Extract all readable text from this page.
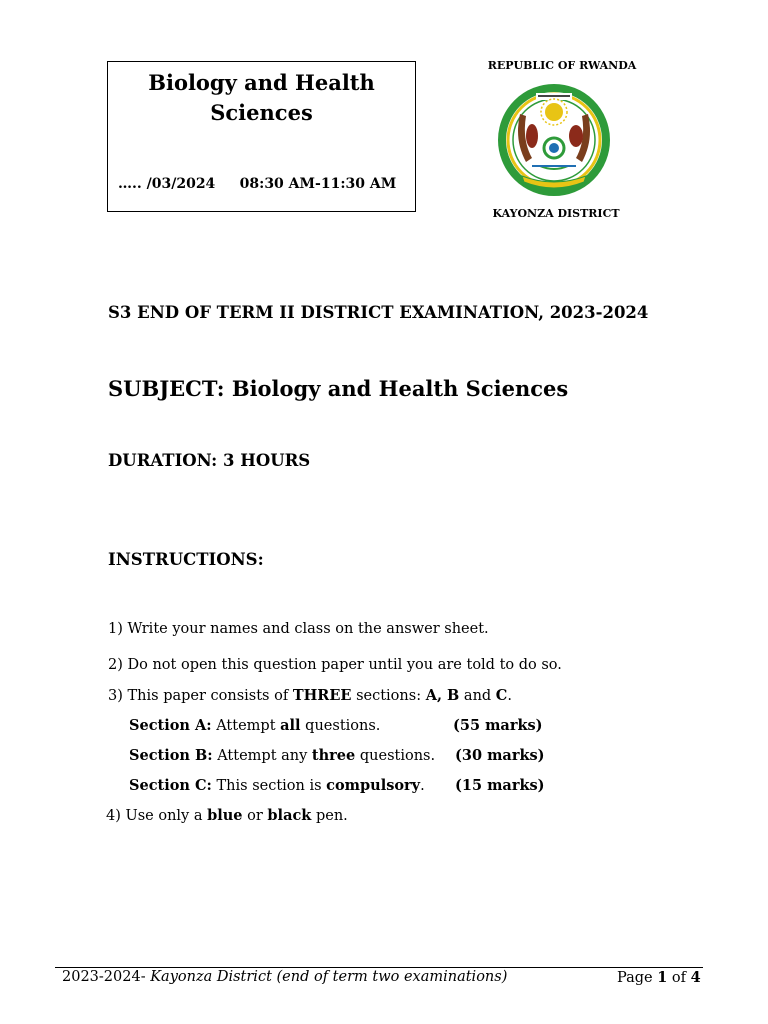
Biology and Health
Sciences
….. /03/2024     08:30 AM-11:30 AM
REPUBLIC OF RWANDA
KAYONZA DISTRICT
S3 END OF TERM II DISTRICT EXAMINATION, 2023-2024
SUBJECT: Biology and Health Sciences
DURATION: 3 HOURS
INSTRUCTIONS:
1) Write your names and class on the answer sheet.
2) Do not open this question paper until you are told to do so.
3) This paper consists of THREE sections: A, B and C.
Section A: Attempt all questions.	(55 marks)
Section B: Attempt any three questions. (30 marks)
Section C: This section is compulsory. (15 marks)
4) Use only a blue or black pen.
2023-2024- Kayonza District (end of term two examinations)	Page 1 of 4
